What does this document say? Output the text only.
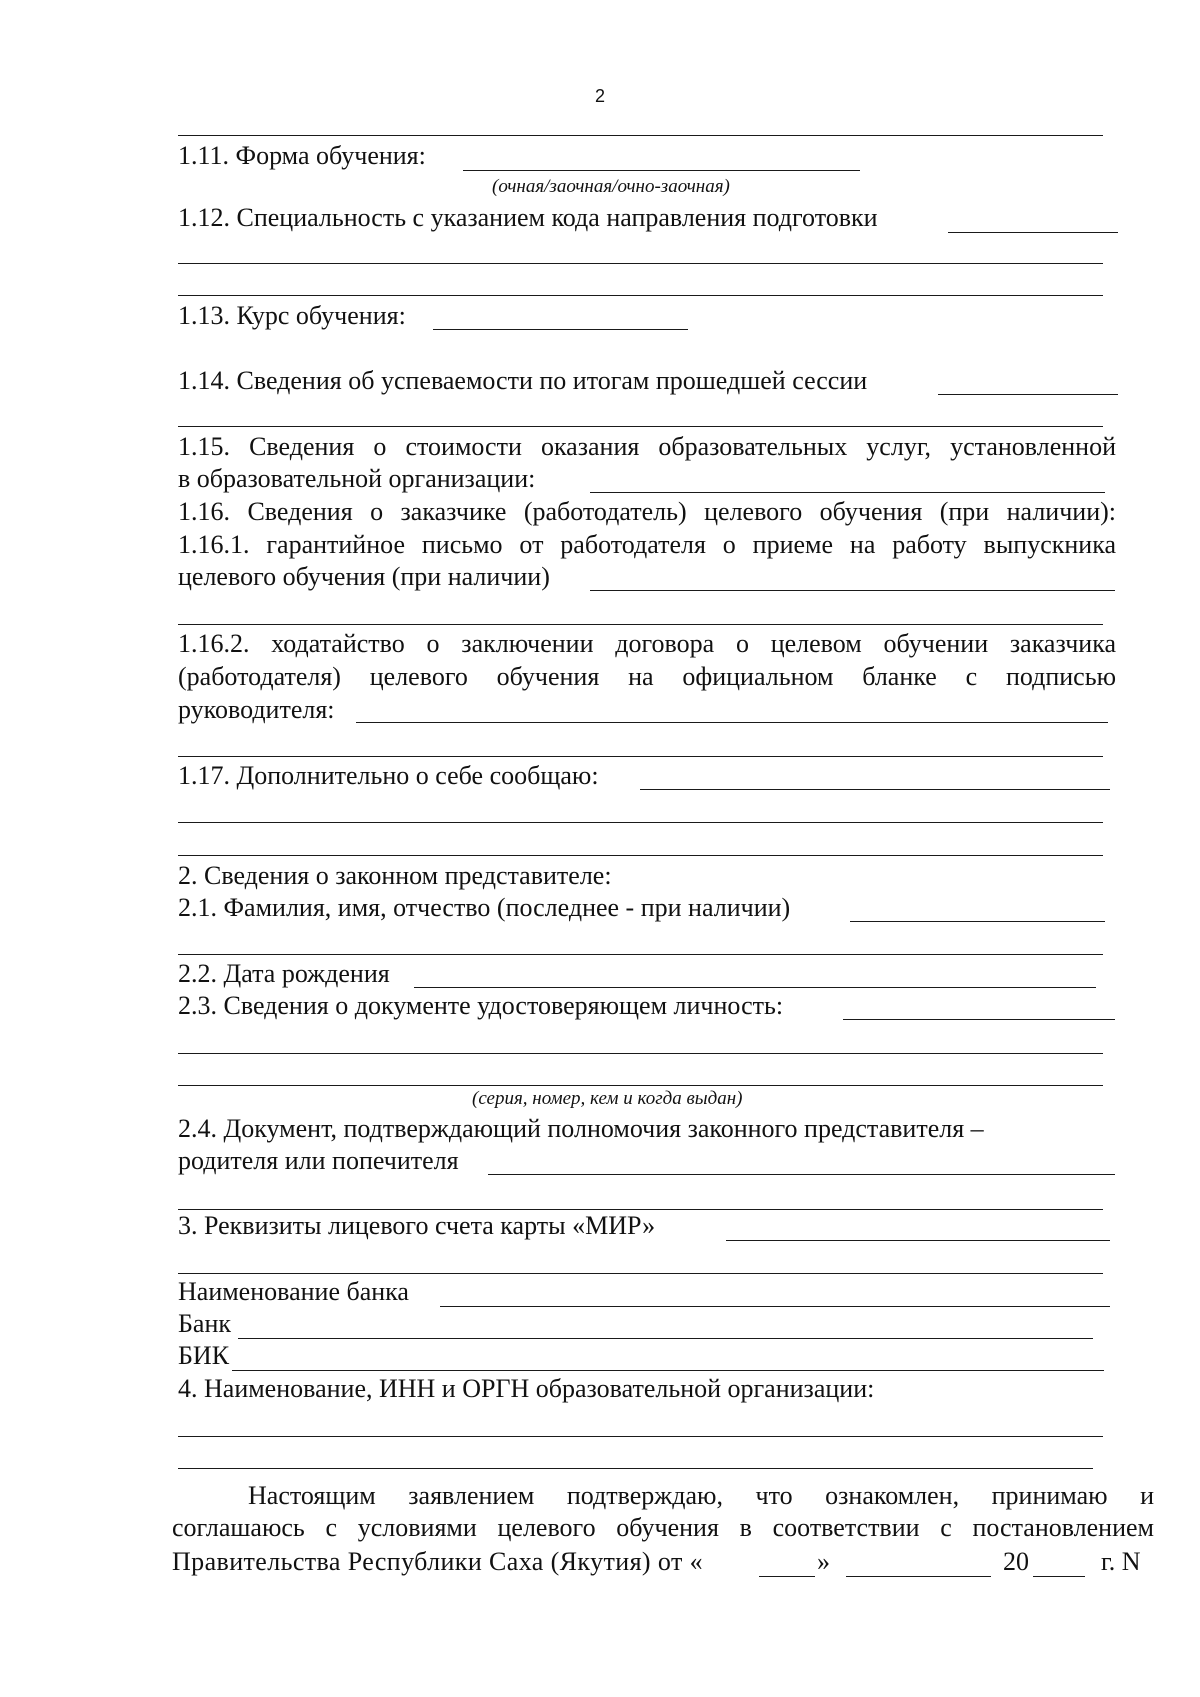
2
1.11. Форма обучения:
(очная/заочная/очно-заочная)
1.12. Специальность с указанием кода направления подготовки
1.13. Курс обучения:
1.14. Сведения об успеваемости по итогам прошедшей сессии
1.15. Сведения о стоимости оказания образовательных услуг, установленной
в образовательной организации:
1.16. Сведения о заказчике (работодатель) целевого обучения (при наличии):
1.16.1. гарантийное письмо от работодателя о приеме на работу выпускника
целевого обучения (при наличии)
1.16.2. ходатайство о заключении договора о целевом обучении заказчика
(работодателя) целевого обучения на официальном бланке с подписью
руководителя:
1.17. Дополнительно о себе сообщаю:
2. Сведения о законном представителе:
2.1. Фамилия, имя, отчество (последнее - при наличии)
2.2. Дата рождения
2.3. Сведения о документе удостоверяющем личность:
(серия, номер, кем и когда выдан)
2.4. Документ, подтверждающий полномочия законного представителя –
родителя или попечителя
3. Реквизиты лицевого счета карты «МИР»
Наименование банка
Банк
БИК
4. Наименование, ИНН и ОРГН образовательной организации:
Настоящим заявлением подтверждаю, что ознакомлен, принимаю и
соглашаюсь с условиями целевого обучения в соответствии с постановлением
Правительства Республики Саха (Якутия) от «	»	20	г. N
